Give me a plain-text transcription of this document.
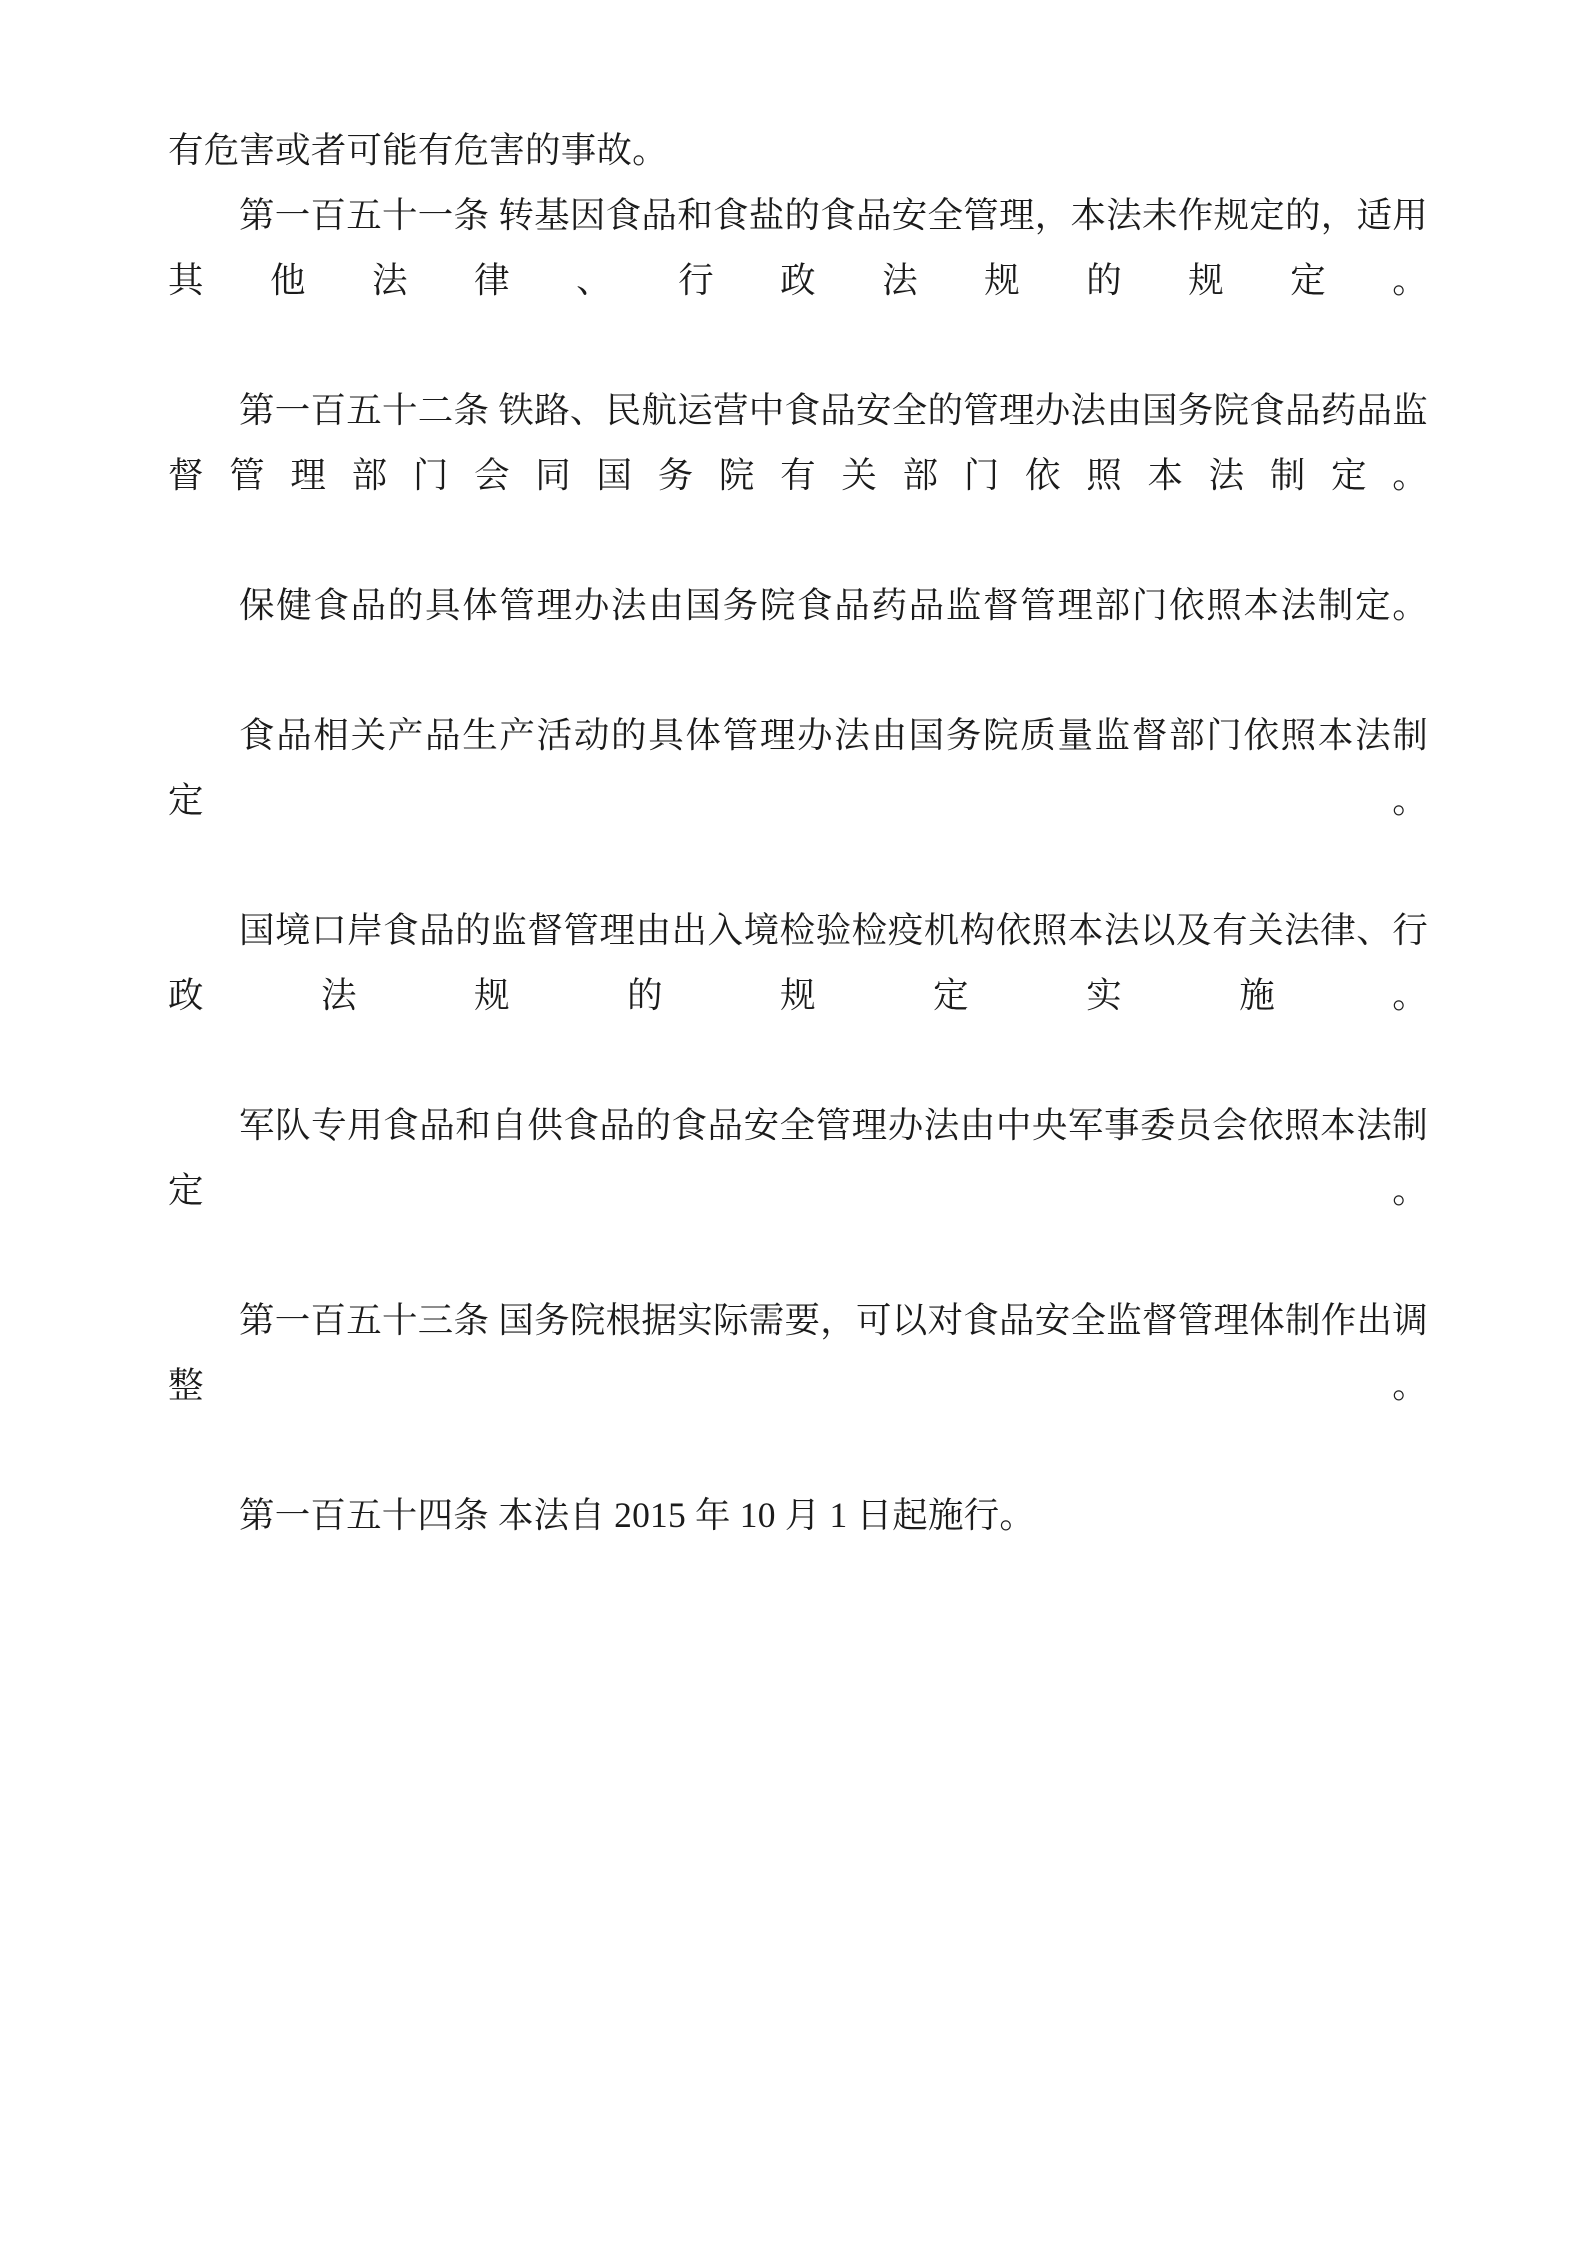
有危害或者可能有危害的事故。

第一百五十一条 转基因食品和食盐的食品安全管理，本法未作规定的，适用其他法律、行政法规的规定。

第一百五十二条 铁路、民航运营中食品安全的管理办法由国务院食品药品监督管理部门会同国务院有关部门依照本法制定。

保健食品的具体管理办法由国务院食品药品监督管理部门依照本法制定。

食品相关产品生产活动的具体管理办法由国务院质量监督部门依照本法制定。

国境口岸食品的监督管理由出入境检验检疫机构依照本法以及有关法律、行政法规的规定实施。

军队专用食品和自供食品的食品安全管理办法由中央军事委员会依照本法制定。

第一百五十三条 国务院根据实际需要，可以对食品安全监督管理体制作出调整。

第一百五十四条 本法自 2015 年 10 月 1 日起施行。
